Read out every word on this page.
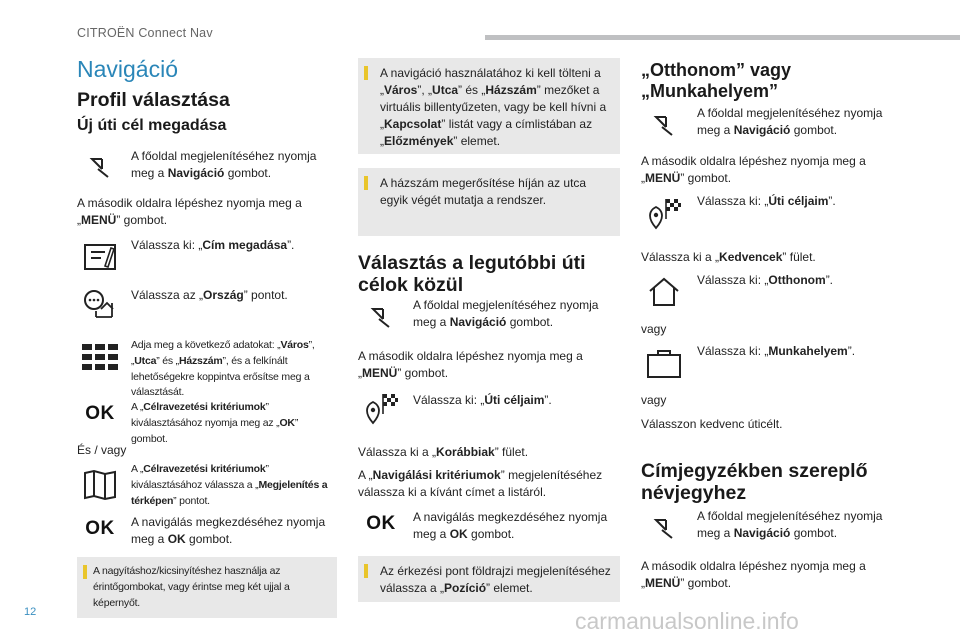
CITROËN Connect Nav
Navigáció
Profil választása
Új úti cél megadása

A főoldal megjelenítéséhez nyomja meg a Navigáció gombot.

A második oldalra lépéshez nyomja meg a „MENÜ” gombot.

Válassza ki: „Cím megadása”.

Válassza az „Ország” pontot.

Adja meg a következő adatokat: „Város”, „Utca” és „Házszám”, és a felkínált lehetőségekre koppintva erősítse meg a választását.

OK A „Célravezetési kritériumok” kiválasztásához nyomja meg az „OK” gombot.

És / vagy

A „Célravezetési kritériumok” kiválasztásához válassza a „Megjelenítés a térképen” pontot.

OK A navigálás megkezdéséhez nyomja meg a OK gombot.

A nagyításhoz/kicsinyítéshez használja az érintőgombokat, vagy érintse meg két ujjal a képernyőt.
A navigáció használatához ki kell tölteni a „Város”, „Utca” és „Házszám” mezőket a virtuális billentyűzeten, vagy be kell hívni a „Kapcsolat” listát vagy a címlistában az „Előzmények” elemet.
A házszám megerősítése híján az utca egyik végét mutatja a rendszer.
Választás a legutóbbi úti célok közül

A főoldal megjelenítéséhez nyomja meg a Navigáció gombot.

A második oldalra lépéshez nyomja meg a „MENÜ” gombot.

Válassza ki: „Úti céljaim”.

Válassza ki a „Korábbiak” fület.

A „Navigálási kritériumok” megjelenítéséhez válassza ki a kívánt címet a listáról.

OK A navigálás megkezdéséhez nyomja meg a OK gombot.

Az érkezési pont földrajzi megjelenítéséhez válassza a „Pozíció” elemet.
„Otthonom” vagy „Munkahelyem”

A főoldal megjelenítéséhez nyomja meg a Navigáció gombot.

A második oldalra lépéshez nyomja meg a „MENÜ” gombot.

Válassza ki: „Úti céljaim”.

Válassza ki a „Kedvencek” fület.

Válassza ki: „Otthonom”.

vagy

Válassza ki: „Munkahelyem”.

vagy

Válasszon kedvenc úticélt.

Címjegyzékben szereplő névjegyhez

A főoldal megjelenítéséhez nyomja meg a Navigáció gombot.

A második oldalra lépéshez nyomja meg a „MENÜ” gombot.

12	carmanualsonline.info
